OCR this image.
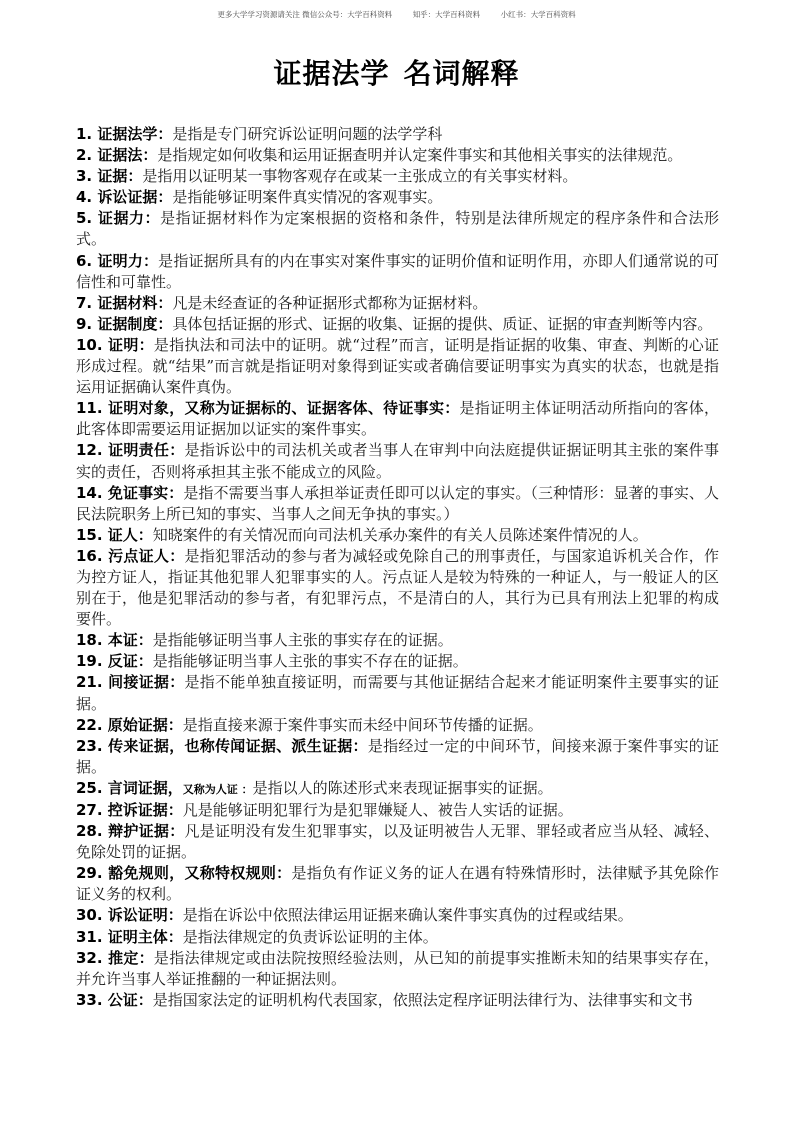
更多大学学习资源请关注 微信公众号：大学百科资料	知乎：大学百科资料	小红书：大学百科资料
证据法学 名词解释

1. 证据法学：是指是专门研究诉讼证明问题的法学学科

2. 证据法：是指规定如何收集和运用证据查明并认定案件事实和其他相关事实的法律规范。

3. 证据：是指用以证明某一事物客观存在或某一主张成立的有关事实材料。

4. 诉讼证据：是指能够证明案件真实情况的客观事实。

5. 证据力：是指证据材料作为定案根据的资格和条件，特别是法律所规定的程序条件和合法形式。

6. 证明力：是指证据所具有的内在事实对案件事实的证明价值和证明作用，亦即人们通常说的可信性和可靠性。

7. 证据材料：凡是未经查证的各种证据形式都称为证据材料。

9. 证据制度：具体包括证据的形式、证据的收集、证据的提供、质证、证据的审查判断等内容。

10. 证明：是指执法和司法中的证明。就“过程”而言，证明是指证据的收集、审查、判断的心证形成过程。就“结果”而言就是指证明对象得到证实或者确信要证明事实为真实的状态，也就是指运用证据确认案件真伪。

11. 证明对象，又称为证据标的、证据客体、待证事实：是指证明主体证明活动所指向的客体，此客体即需要运用证据加以证实的案件事实。

12. 证明责任：是指诉讼中的司法机关或者当事人在审判中向法庭提供证据证明其主张的案件事实的责任，否则将承担其主张不能成立的风险。

14. 免证事实：是指不需要当事人承担举证责任即可以认定的事实。（三种情形：显著的事实、人民法院职务上所已知的事实、当事人之间无争执的事实。）

15. 证人：知晓案件的有关情况而向司法机关承办案件的有关人员陈述案件情况的人。

16. 污点证人：是指犯罪活动的参与者为减轻或免除自己的刑事责任，与国家追诉机关合作，作为控方证人，指证其他犯罪人犯罪事实的人。污点证人是较为特殊的一种证人，与一般证人的区别在于，他是犯罪活动的参与者，有犯罪污点，不是清白的人，其行为已具有刑法上犯罪的构成要件。

18. 本证：是指能够证明当事人主张的事实存在的证据。

19. 反证：是指能够证明当事人主张的事实不存在的证据。

21. 间接证据：是指不能单独直接证明，而需要与其他证据结合起来才能证明案件主要事实的证据。

22. 原始证据：是指直接来源于案件事实而未经中间环节传播的证据。

23. 传来证据，也称传闻证据、派生证据：是指经过一定的中间环节，间接来源于案件事实的证据。

25. 言词证据，又称为人证 ：是指以人的陈述形式来表现证据事实的证据。

27. 控诉证据：凡是能够证明犯罪行为是犯罪嫌疑人、被告人实话的证据。

28. 辩护证据：凡是证明没有发生犯罪事实，以及证明被告人无罪、罪轻或者应当从轻、减轻、免除处罚的证据。

29. 豁免规则，又称特权规则：是指负有作证义务的证人在遇有特殊情形时，法律赋予其免除作证义务的权利。

30. 诉讼证明：是指在诉讼中依照法律运用证据来确认案件事实真伪的过程或结果。

31. 证明主体：是指法律规定的负责诉讼证明的主体。

32. 推定：是指法律规定或由法院按照经验法则，从已知的前提事实推断未知的结果事实存在，并允许当事人举证推翻的一种证据法则。

33. 公证：是指国家法定的证明机构代表国家，依照法定程序证明法律行为、法律事实和文书
